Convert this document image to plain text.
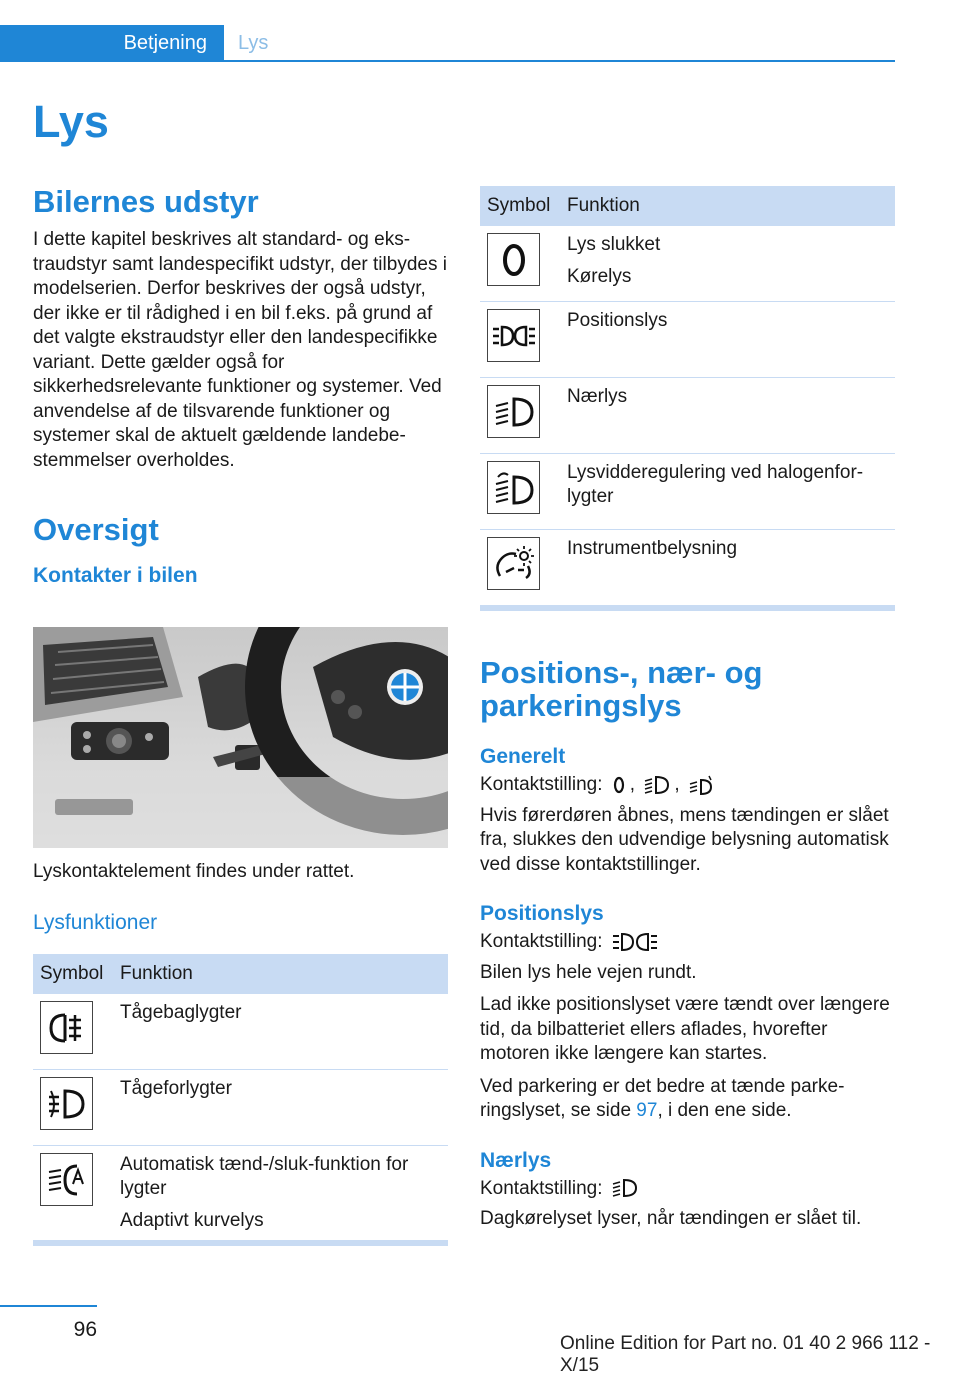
Betjening	Lys
Lys
Bilernes udstyr

I dette kapitel beskrives alt standard- og ekstraudstyr samt landespecifikt udstyr, der tilbydes i modelserien. Derfor beskrives der også udstyr, der ikke er til rådighed i en bil f.eks. på grund af det valgte ekstraudstyr eller den landespecifikke variant. Dette gælder også for sikkerhedsrelevante funktioner og systemer. Ved anvendelse af de tilsvarende funktioner og systemer skal de aktuelt gældende landebestemmelser overholdes.

Oversigt
Kontakter i bilen
Lyskontaktelement findes under rattet.
Lysfunktioner
Symbol Funktion
Tågebaglygter
Tågeforlygter
Automatisk tænd-/sluk-funktion for lygter
Adaptivt kurvelys
Symbol Funktion
Lys slukket
Kørelys
Positionslys
Nærlys
Lysvidderegulering ved halogenforlygter
Instrumentbelysning
Positions-, nær- og parkeringslys
Generelt

Kontaktstilling: , ,

Hvis førerdøren åbnes, mens tændingen er slået fra, slukkes den udvendige belysning automatisk ved disse kontaktstillinger.

Positionslys

Kontaktstilling:

Bilen lys hele vejen rundt.

Lad ikke positionslyset være tændt over længere tid, da bilbatteriet ellers aflades, hvorefter motoren ikke længere kan startes.

Ved parkering er det bedre at tænde parkeringslyset, se side 97, i den ene side.

Nærlys

Kontaktstilling:

Dagkørelyset lyser, når tændingen er slået til.

96
Online Edition for Part no. 01 40 2 966 112 - X/15
